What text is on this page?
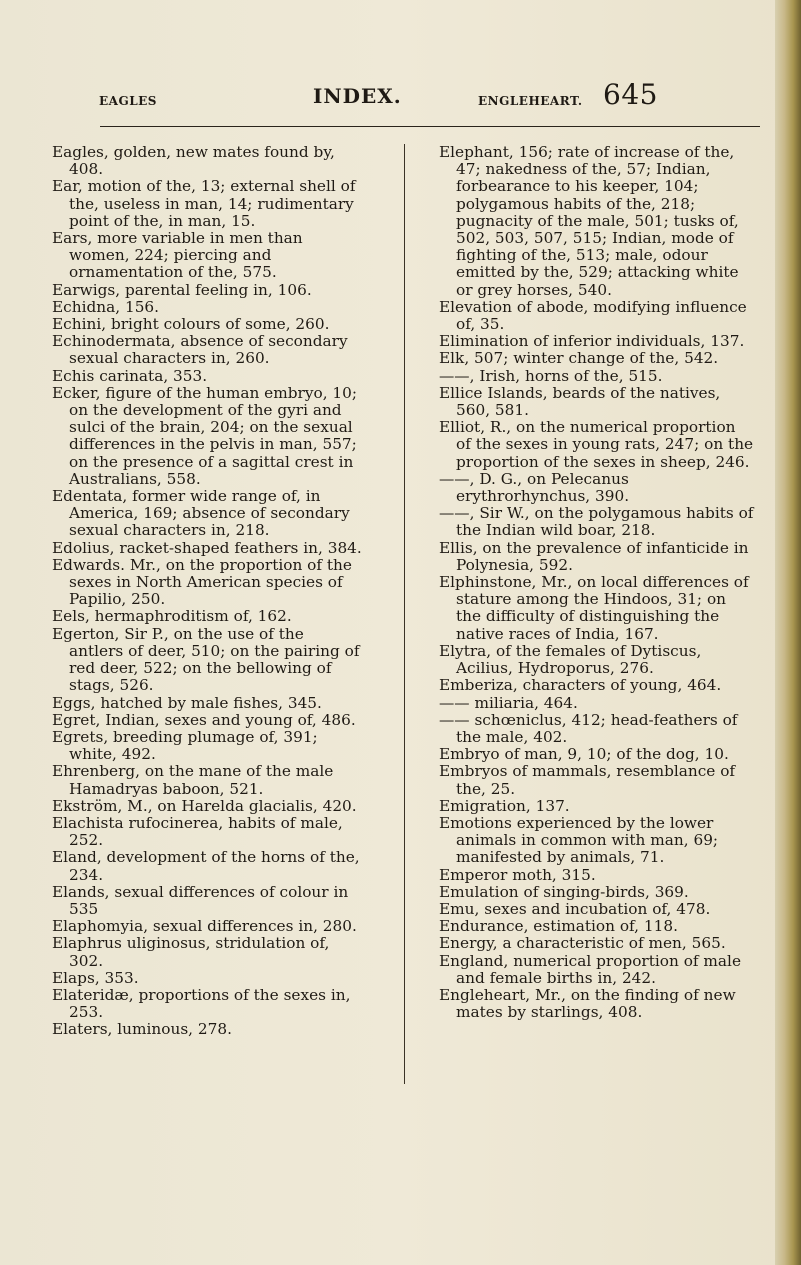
EAGLES	INDEX.	ENGLEHEART. 645

Eagles, golden, new mates found by, 408.

Ear, motion of the, 13; external shell of the, useless in man, 14; rudimentary point of the, in man, 15.

Ears, more variable in men than women, 224; piercing and ornamentation of the, 575.

Earwigs, parental feeling in, 106.

Echidna, 156.

Echini, bright colours of some, 260.

Echinodermata, absence of secondary sexual characters in, 260.

Echis carinata, 353.

Ecker, figure of the human embryo, 10; on the development of the gyri and sulci of the brain, 204; on the sexual differences in the pelvis in man, 557; on the presence of a sagittal crest in Australians, 558.

Edentata, former wide range of, in America, 169; absence of secondary sexual characters in, 218.

Edolius, racket-shaped feathers in, 384.

Edwards. Mr., on the proportion of the sexes in North American species of Papilio, 250.

Eels, hermaphroditism of, 162.

Egerton, Sir P., on the use of the antlers of deer, 510; on the pairing of red deer, 522; on the bellowing of stags, 526.

Eggs, hatched by male fishes, 345.

Egret, Indian, sexes and young of, 486.

Egrets, breeding plumage of, 391; white, 492.

Ehrenberg, on the mane of the male Hamadryas baboon, 521.

Ekström, M., on Harelda glacialis, 420.

Elachista rufocinerea, habits of male, 252.

Eland, development of the horns of the, 234.

Elands, sexual differences of colour in 535

Elaphomyia, sexual differences in, 280.

Elaphrus uliginosus, stridulation of, 302.

Elaps, 353.

Elateridæ, proportions of the sexes in, 253.

Elaters, luminous, 278.

Elephant, 156; rate of increase of the, 47; nakedness of the, 57; Indian, forbearance to his keeper, 104; polygamous habits of the, 218; pugnacity of the male, 501; tusks of, 502, 503, 507, 515; Indian, mode of fighting of the, 513; male, odour emitted by the, 529; attacking white or grey horses, 540.

Elevation of abode, modifying influence of, 35.

Elimination of inferior individuals, 137.

Elk, 507; winter change of the, 542.

——, Irish, horns of the, 515.

Ellice Islands, beards of the natives, 560, 581.

Elliot, R., on the numerical proportion of the sexes in young rats, 247; on the proportion of the sexes in sheep, 246.

——, D. G., on Pelecanus erythrorhynchus, 390.

——, Sir W., on the polygamous habits of the Indian wild boar, 218.

Ellis, on the prevalence of infanticide in Polynesia, 592.

Elphinstone, Mr., on local differences of stature among the Hindoos, 31; on the difficulty of distinguishing the native races of India, 167.

Elytra, of the females of Dytiscus, Acilius, Hydroporus, 276.

Emberiza, characters of young, 464.

—— miliaria, 464.

—— schœniclus, 412; head-feathers of the male, 402.

Embryo of man, 9, 10; of the dog, 10.

Embryos of mammals, resemblance of the, 25.

Emigration, 137.

Emotions experienced by the lower animals in common with man, 69; manifested by animals, 71.

Emperor moth, 315.

Emulation of singing-birds, 369.

Emu, sexes and incubation of, 478.

Endurance, estimation of, 118.

Energy, a characteristic of men, 565.

England, numerical proportion of male and female births in, 242.

Engleheart, Mr., on the finding of new mates by starlings, 408.
